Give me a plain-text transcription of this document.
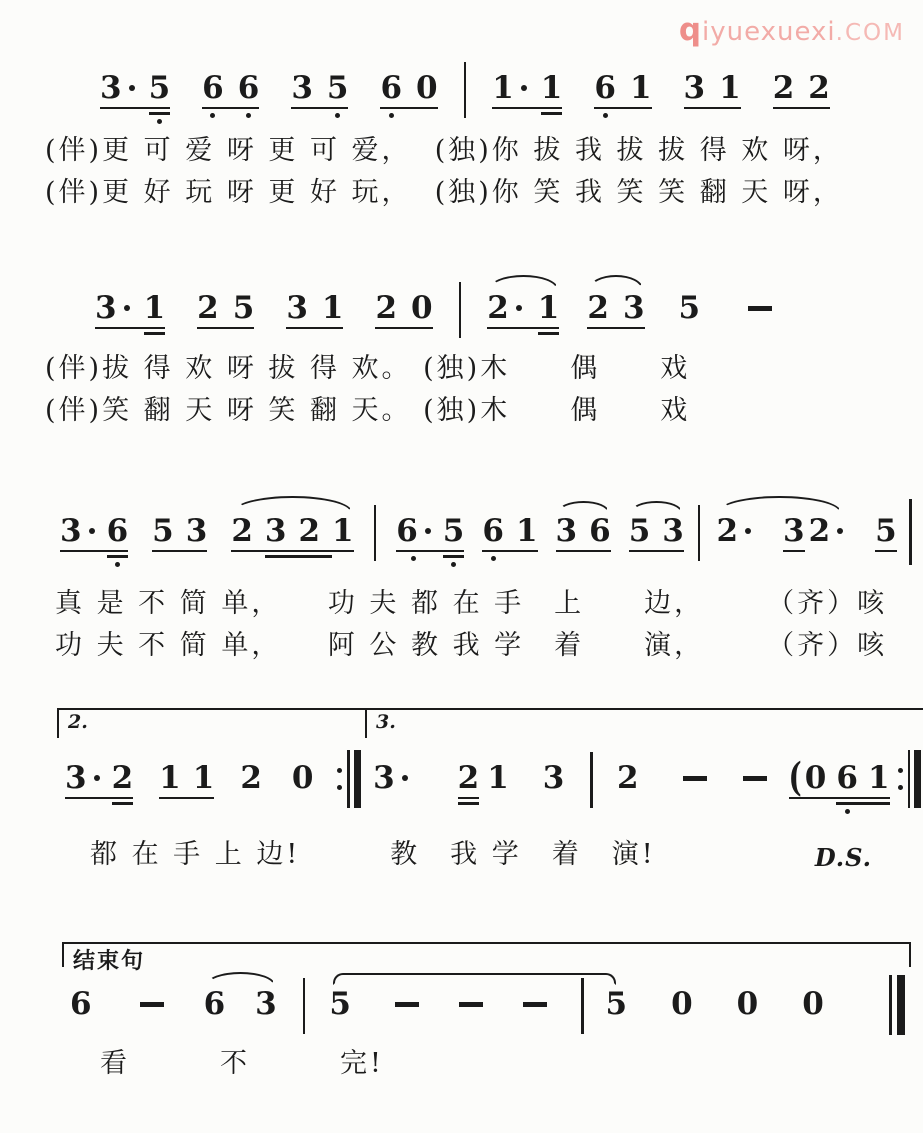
qiyuexuexi.COM
3 5 6 6 3 5 6 0 1 1 6 1 3 1 2 2
(伴)更 可 爱 呀 更 可 爱，  (独)你 拔 我 拔 拔 得 欢 呀，
(伴)更 好 玩 呀 更 好 玩，  (独)你 笑 我 笑 笑 翻 天 呀，
3 1 2 5 3 1 2 0 2 1 2 3 5
(伴)拔 得 欢 呀 拔 得 欢。 (独)木　　偶　　戏
(伴)笑 翻 天 呀 笑 翻 天。 (独)木　　偶　　戏
3 6 5 3 2 3 2 1 6 5 6 1 3 6 5 3 2	3 2	5
真 是 不 简 单，　　功 夫 都 在 手　上　　边，　　　（齐）咳
功 夫 不 简 单，　　阿 公 教 我 学　着　　演，　　　（齐）咳
3 2 1 1 2 0 3	2 1 3 2	( 0 6 1
2.	3.
都 在 手 上 边!　　　教　我 学　着　演!	D.S.
6	6 3 5	5 0 0 0
结束句
看　　　不　　　完!
